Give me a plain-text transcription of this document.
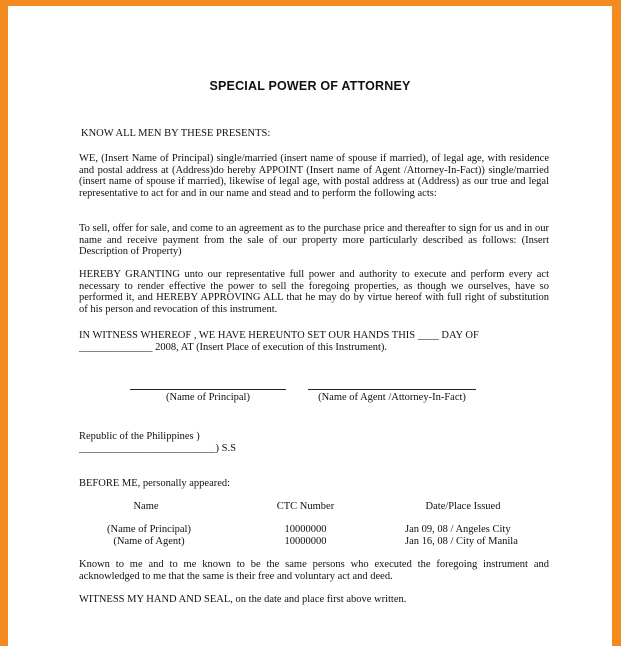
SPECIAL POWER OF ATTORNEY
KNOW ALL MEN BY THESE PRESENTS:
WE, (Insert Name of Principal) single/married (insert name of spouse if married), of legal age, with residence and postal address at (Address)do hereby APPOINT (Insert name of Agent /Attorney-In-Fact)) single/married (insert name of spouse if married), likewise of legal age, with postal address at (Address) as our true and legal representative to act for and in our name and stead and to perform the following acts:
To sell, offer for sale, and come to an agreement as to the purchase price and thereafter to sign for us and in our name and receive payment from the sale of our property more particularly described as follows: (Insert Description of Property)
HEREBY GRANTING unto our representative full power and authority to execute and perform every act necessary to render effective the power to sell the foregoing properties, as though we ourselves, have so performed it, and HEREBY APPROVING ALL that he may do by virtue hereof with full right of substitution of his person and revocation of this instrument.
IN WITNESS WHEREOF , WE HAVE HEREUNTO SET OUR HANDS THIS ____ DAY OF
______________ 2008, AT (Insert Place of execution of this Instrument).
(Name of Principal)	(Name of Agent /Attorney-In-Fact)
Republic of the Philippines )
__________________________) S.S
BEFORE ME, personally appeared:
Name	CTC Number	Date/Place Issued
(Name of Principal)	10000000	Jan 09, 08 / Angeles City
(Name of Agent)	10000000	Jan 16, 08 / City of Manila
Known to me and to me known to be the same persons who executed the foregoing instrument and acknowledged to me that the same is their free and voluntary act and deed.
WITNESS MY HAND AND SEAL, on the date and place first above written.
